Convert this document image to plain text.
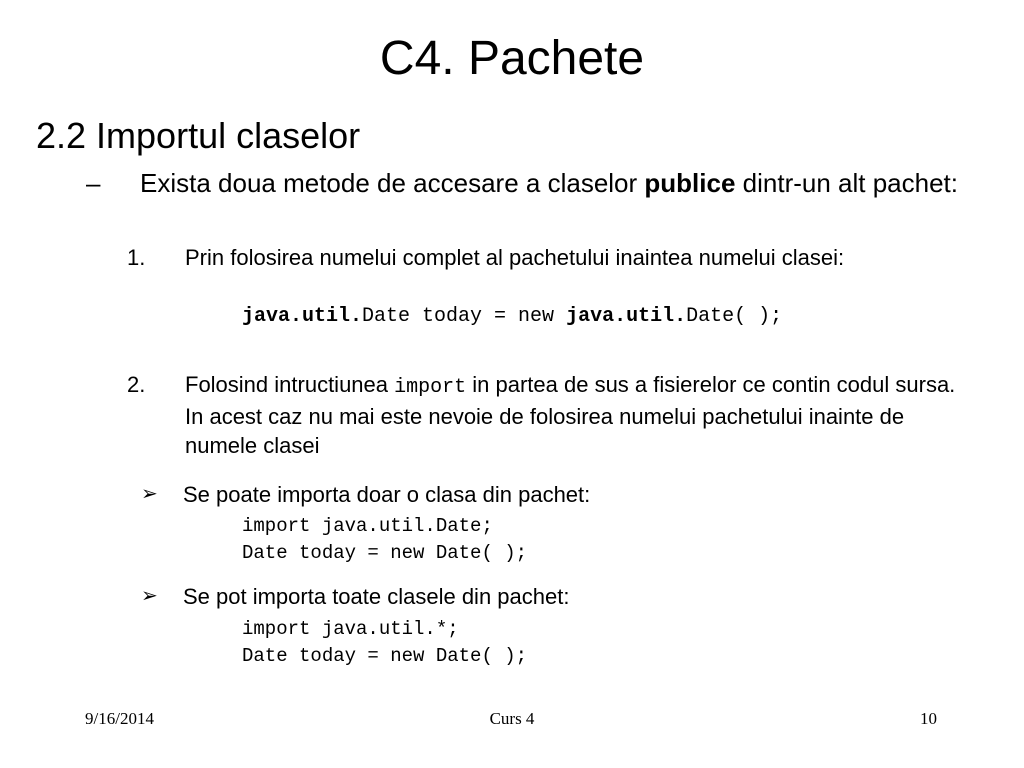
C4. Pachete
2.2 Importul claselor
– Exista doua metode de accesare a claselor publice dintr-un alt pachet:
1. Prin folosirea numelui complet al pachetului inaintea numelui clasei:
java.util.Date today = new java.util.Date( );
2. Folosind intructiunea import in partea de sus a fisierelor ce contin codul sursa. In acest caz nu mai este nevoie de folosirea numelui pachetului inainte de numele clasei
➢ Se poate importa doar o clasa din pachet:
import java.util.Date;
Date today = new Date( );
➢ Se pot importa toate clasele din pachet:
import java.util.*;
Date today = new Date( );
9/16/2014	Curs 4	10
